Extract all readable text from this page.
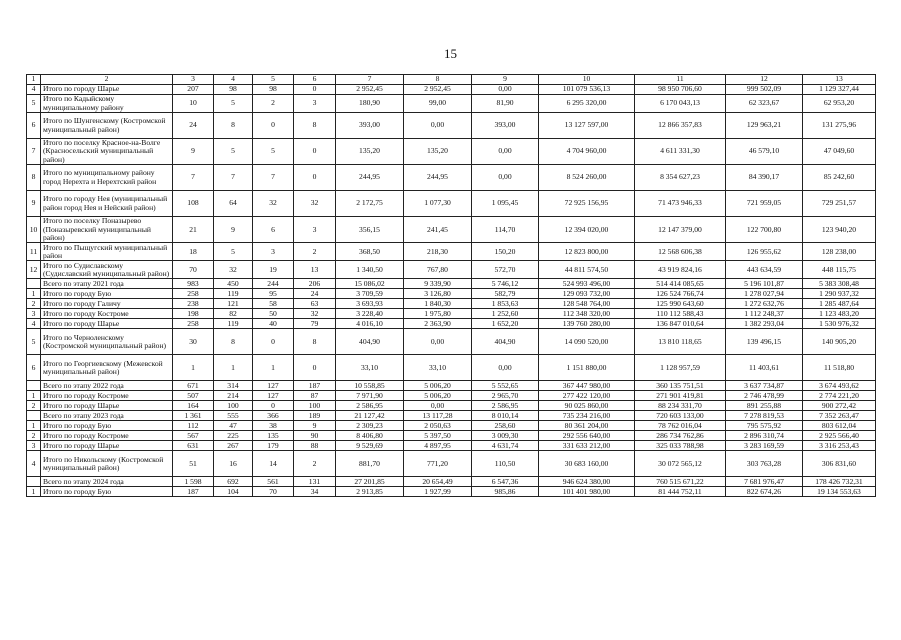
15
1	2	3	4	5	6	7	8	9	10	11	12	13
4	Итого по городу Шарье	207	98	98	0	2 952,45	2 952,45	0,00	101 079 536,13	98 950 706,60	999 502,09	1 129 327,44
5	Итого по Кадыйскому муниципальному району	10	5	2	3	180,90	99,00	81,90	6 295 320,00	6 170 043,13	62 323,67	62 953,20
6	Итого по Шунгенскому (Костромской муниципальный район)	24	8	0	8	393,00	0,00	393,00	13 127 597,00	12 866 357,83	129 963,21	131 275,96
7	Итого по поселку Красное-на-Волге (Красносельский муниципальный район)	9	5	5	0	135,20	135,20	0,00	4 704 960,00	4 611 331,30	46 579,10	47 049,60
8	Итого по муниципальному району город Нерехта и Нерехтский район	7	7	7	0	244,95	244,95	0,00	8 524 260,00	8 354 627,23	84 390,17	85 242,60
9	Итого по городу Нея (муниципальный район город Нея и Нейский район)	108	64	32	32	2 172,75	1 077,30	1 095,45	72 925 156,95	71 473 946,33	721 959,05	729 251,57
10	Итого по поселку Поназырево (Поназыревский муниципальный район)	21	9	6	3	356,15	241,45	114,70	12 394 020,00	12 147 379,00	122 700,80	123 940,20
11	Итого по Пыщугский муниципальный район	18	5	3	2	368,50	218,30	150,20	12 823 800,00	12 568 606,38	126 955,62	128 238,00
12	Итого по Судиславскому (Судиславский муниципальный район)	70	32	19	13	1 340,50	767,80	572,70	44 811 574,50	43 919 824,16	443 634,59	448 115,75
	Всего по этапу 2021 года	983	450	244	206	15 086,02	9 339,90	5 746,12	524 993 496,00	514 414 085,65	5 196 101,87	5 383 308,48
1	Итого по городу Бую	258	119	95	24	3 709,59	3 126,80	582,79	129 093 732,00	126 524 766,74	1 278 027,94	1 290 937,32
2	Итого по городу Галичу	238	121	58	63	3 693,93	1 840,30	1 853,63	128 548 764,00	125 990 643,60	1 272 632,76	1 285 487,64
3	Итого по городу Костроме	198	82	50	32	3 228,40	1 975,80	1 252,60	112 348 320,00	110 112 588,43	1 112 248,37	1 123 483,20
4	Итого по городу Шарье	258	119	40	79	4 016,10	2 363,90	1 652,20	139 760 280,00	136 847 010,64	1 382 293,04	1 530 976,32
5	Итого по Черноленскому (Костромской муниципальный район)	30	8	0	8	404,90	0,00	404,90	14 090 520,00	13 810 118,65	139 496,15	140 905,20
6	Итого по Георгиевскому (Межевской муниципальный район)	1	1	1	0	33,10	33,10	0,00	1 151 880,00	1 128 957,59	11 403,61	11 518,80
	Всего по этапу 2022 года	671	314	127	187	10 558,85	5 006,20	5 552,65	367 447 980,00	360 135 751,51	3 637 734,87	3 674 493,62
1	Итого по городу Костроме	507	214	127	87	7 971,90	5 006,20	2 965,70	277 422 120,00	271 901 419,81	2 746 478,99	2 774 221,20
2	Итого по городу Шарье	164	100	0	100	2 586,95	0,00	2 586,95	90 025 860,00	88 234 331,70	891 255,88	900 272,42
	Всего по этапу 2023 года	1 361	555	366	189	21 127,42	13 117,28	8 010,14	735 234 216,00	720 603 133,00	7 278 819,53	7 352 263,47
1	Итого по городу Бую	112	47	38	9	2 309,23	2 050,63	258,60	80 361 204,00	78 762 016,04	795 575,92	803 612,04
2	Итого по городу Костроме	567	225	135	90	8 406,80	5 397,50	3 009,30	292 556 640,00	286 734 762,86	2 896 310,74	2 925 566,40
3	Итого по городу Шарье	631	267	179	88	9 529,69	4 897,95	4 631,74	331 633 212,00	325 033 788,98	3 283 169,59	3 316 253,43
4	Итого по Никольскому (Костромской муниципальный район)	51	16	14	2	881,70	771,20	110,50	30 683 160,00	30 072 565,12	303 763,28	306 831,60
	Всего по этапу 2024 года	1 598	692	561	131	27 201,85	20 654,49	6 547,36	946 624 380,00	760 515 671,22	7 681 976,47	178 426 732,31
1	Итого по городу Бую	187	104	70	34	2 913,85	1 927,99	985,86	101 401 980,00	81 444 752,11	822 674,26	19 134 553,63
